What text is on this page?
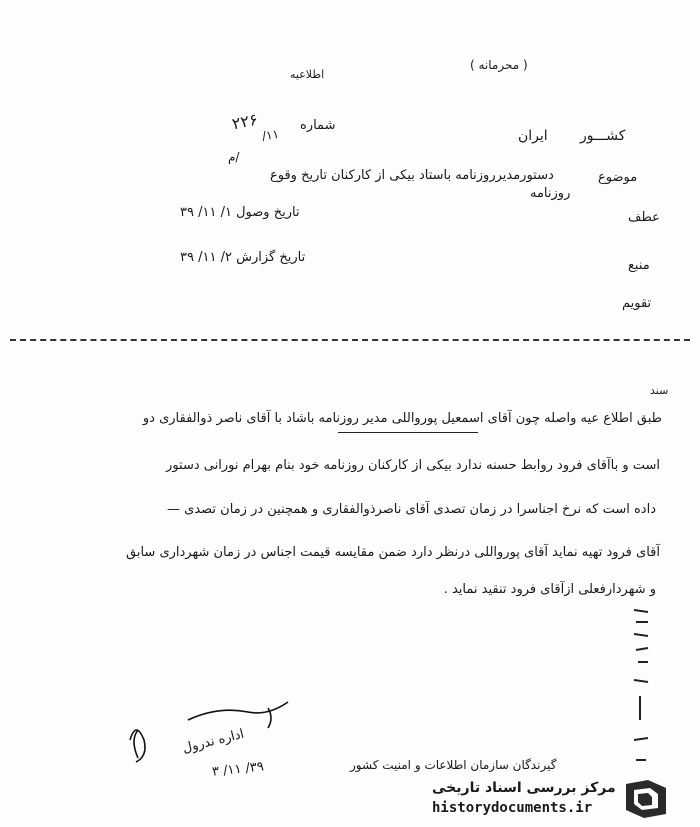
( محرمانه )
اطلاعیه
شماره
۲۲۶
۱۱/	کشـــور
ایران
/م
موضوع
دستورمدیرروزنامه باستاد بیکی از کارکنان تاریخ وقوع
روزنامه
عطف
تاریخ وصول ۱/ ۱۱/ ۳۹
تاریخ گزارش ۲/ ۱۱/ ۳۹
منبع
تقویم
سند
طبق اطلاع عیه واصله چون آقای اسمعیل پورواللی مدیر روزنامه باشاد با آقای ناصر ذوالفقاری دو
است و باآقای فرود روابط حسنه ندارد بیکی از کارکنان روزنامه خود بنام بهرام نورانی دستور
داده است که نرخ اجناسرا در زمان تصدی آقای ناصرذوالفقاری و همچنین در زمان تصدی —
آقای فرود تهیه نماید آقای پورواللی درنظر دارد ضمن مقایسه قیمت اجناس در زمان شهرداری سابق
و شهردارفعلی ازآقای فرود تنقید نماید .
اداره ندرول
۳۹/ ۱۱/ ۳	گیرندگان سازمان اطلاعات و امنیت کشور
مرکز بررسی اسناد تاریخی
historydocuments.ir
